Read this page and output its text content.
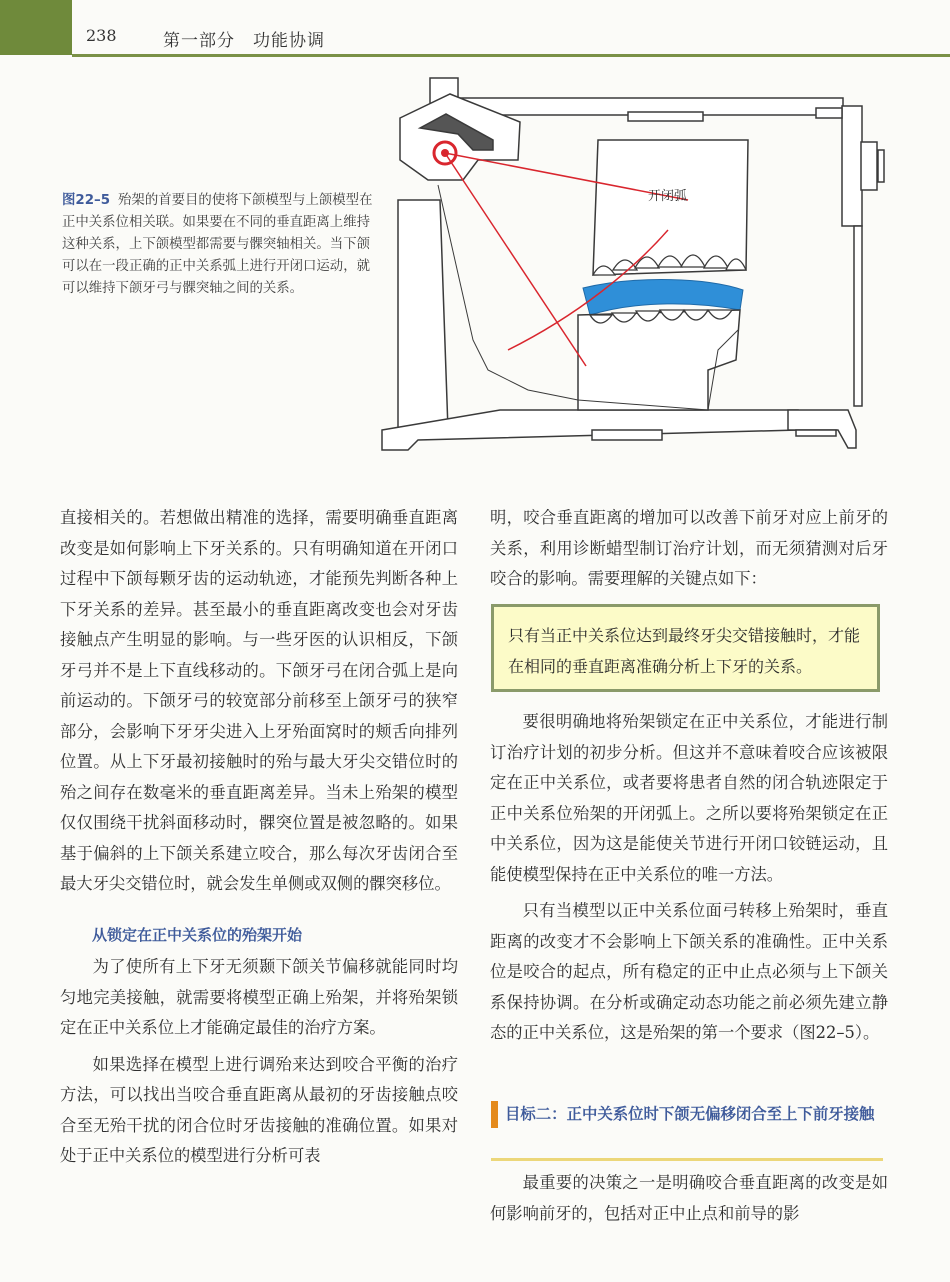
238	第一部分　功能协调
图22–5 殆架的首要目的使将下颌模型与上颌模型在正中关系位相关联。如果要在不同的垂直距离上维持这种关系，上下颌模型都需要与髁突轴相关。当下颌可以在一段正确的正中关系弧上进行开闭口运动，就可以维持下颌牙弓与髁突轴之间的关系。
开闭弧

直接相关的。若想做出精准的选择，需要明确垂直距离改变是如何影响上下牙关系的。只有明确知道在开闭口过程中下颌每颗牙齿的运动轨迹，才能预先判断各种上下牙关系的差异。甚至最小的垂直距离改变也会对牙齿接触点产生明显的影响。与一些牙医的认识相反，下颌牙弓并不是上下直线移动的。下颌牙弓在闭合弧上是向前运动的。下颌牙弓的较宽部分前移至上颌牙弓的狭窄部分，会影响下牙牙尖进入上牙殆面窝时的颊舌向排列位置。从上下牙最初接触时的殆与最大牙尖交错位时的殆之间存在数毫米的垂直距离差异。当未上殆架的模型仅仅围绕干扰斜面移动时，髁突位置是被忽略的。如果基于偏斜的上下颌关系建立咬合，那么每次牙齿闭合至最大牙尖交错位时，就会发生单侧或双侧的髁突移位。

从锁定在正中关系位的殆架开始

为了使所有上下牙无须颞下颌关节偏移就能同时均匀地完美接触，就需要将模型正确上殆架，并将殆架锁定在正中关系位上才能确定最佳的治疗方案。

如果选择在模型上进行调殆来达到咬合平衡的治疗方法，可以找出当咬合垂直距离从最初的牙齿接触点咬合至无殆干扰的闭合位时牙齿接触的准确位置。如果对处于正中关系位的模型进行分析可表

明，咬合垂直距离的增加可以改善下前牙对应上前牙的关系，利用诊断蜡型制订治疗计划，而无须猜测对后牙咬合的影响。需要理解的关键点如下：

只有当正中关系位达到最终牙尖交错接触时，才能在相同的垂直距离准确分析上下牙的关系。

要很明确地将殆架锁定在正中关系位，才能进行制订治疗计划的初步分析。但这并不意味着咬合应该被限定在正中关系位，或者要将患者自然的闭合轨迹限定于正中关系位殆架的开闭弧上。之所以要将殆架锁定在正中关系位，因为这是能使关节进行开闭口铰链运动，且能使模型保持在正中关系位的唯一方法。

只有当模型以正中关系位面弓转移上殆架时，垂直距离的改变才不会影响上下颌关系的准确性。正中关系位是咬合的起点，所有稳定的正中止点必须与上下颌关系保持协调。在分析或确定动态功能之前必须先建立静态的正中关系位，这是殆架的第一个要求（图22–5）。

目标二：正中关系位时下颌无偏移闭合至上下前牙接触

最重要的决策之一是明确咬合垂直距离的改变是如何影响前牙的，包括对正中止点和前导的影
